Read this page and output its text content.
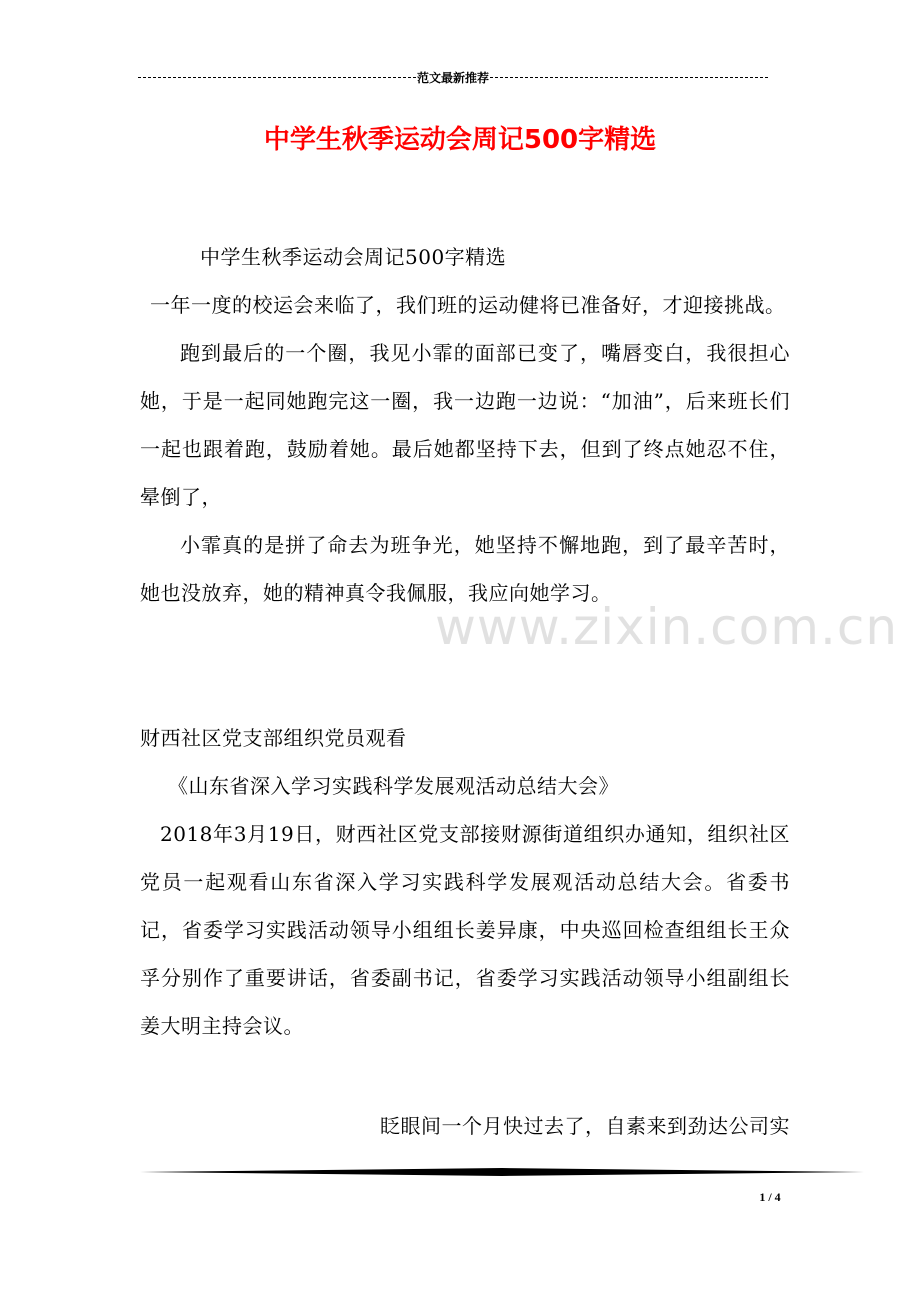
范文最新推荐
中学生秋季运动会周记500字精选
www.zixin.com.cn

中学生秋季运动会周记500字精选

一年一度的校运会来临了，我们班的运动健将已准备好，才迎接挑战。

跑到最后的一个圈，我见小霏的面部已变了，嘴唇变白，我很担心她，于是一起同她跑完这一圈，我一边跑一边说：“加油”，后来班长们一起也跟着跑，鼓励着她。最后她都坚持下去，但到了终点她忍不住，晕倒了，

小霏真的是拼了命去为班争光，她坚持不懈地跑，到了最辛苦时，她也没放弃，她的精神真令我佩服，我应向她学习。

财西社区党支部组织党员观看

《山东省深入学习实践科学发展观活动总结大会》

2018年3月19日，财西社区党支部接财源街道组织办通知，组织社区党员一起观看山东省深入学习实践科学发展观活动总结大会。省委书记，省委学习实践活动领导小组组长姜异康，中央巡回检查组组长王众孚分别作了重要讲话，省委副书记，省委学习实践活动领导小组副组长姜大明主持会议。

眨眼间一个月快过去了，自素来到劲达公司实

1 / 4
